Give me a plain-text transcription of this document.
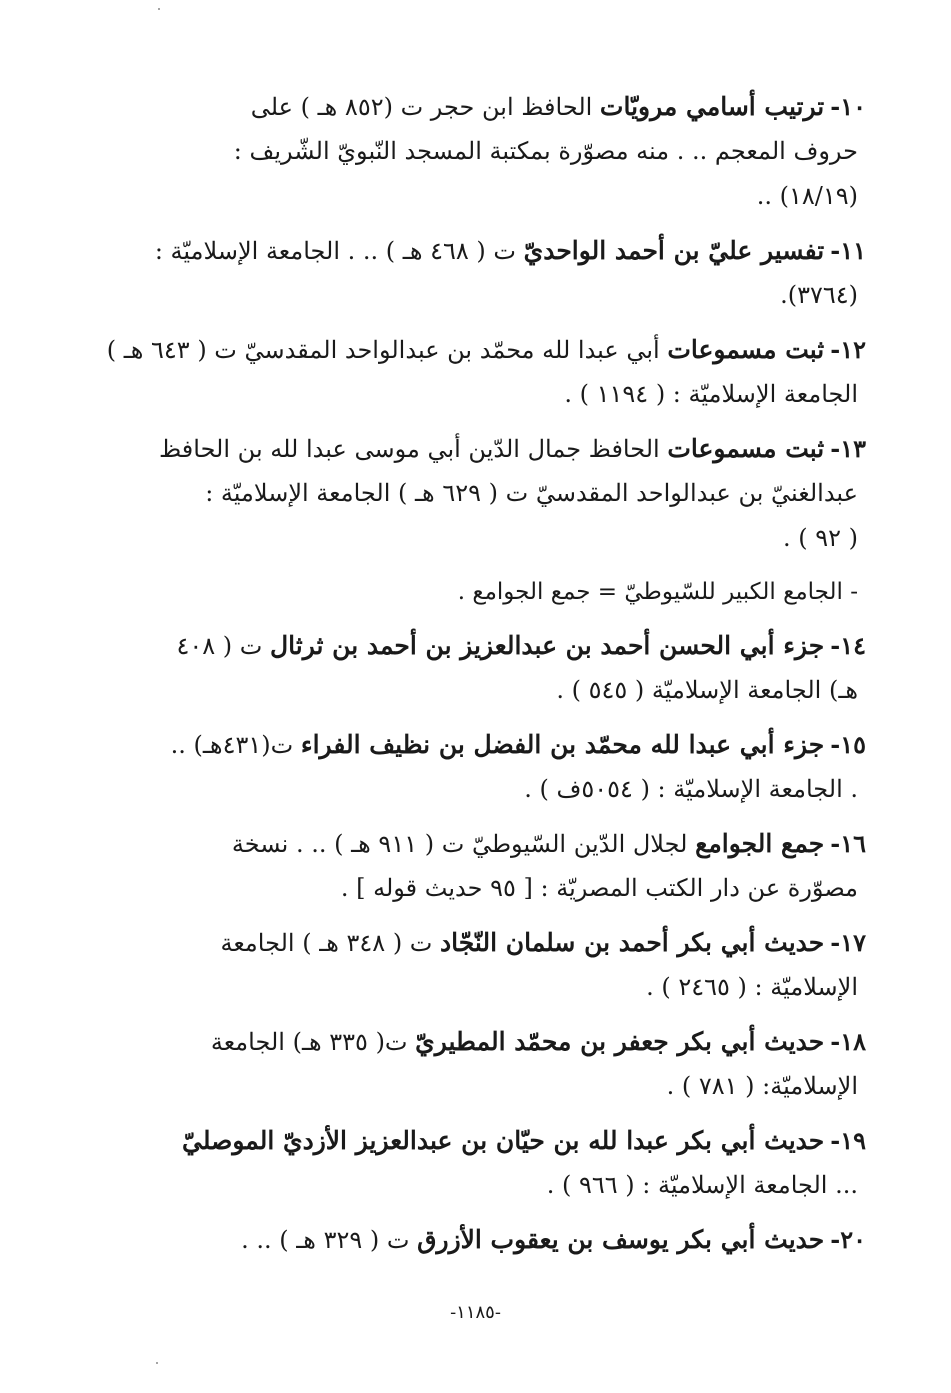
١٠-ترتيب أسامي مرويّات الحافظ ابن حجر ت (٨٥٢ هـ ) على
حروف المعجم .. . منه مصوّرة بمكتبة المسجد النّبويّ الشّريف :
(١٨/١٩) ..
١١-تفسير عليّ بن أحمد الواحديّ ت ( ٤٦٨ هـ ) .. . الجامعة الإسلاميّة :
(٣٧٦٤).
١٢-ثبت مسموعات أبي عبدا لله محمّد بن عبدالواحد المقدسيّ ت ( ٦٤٣ هـ )
الجامعة الإسلاميّة : ( ١١٩٤ ) .
١٣-ثبت مسموعات الحافظ جمال الدّين أبي موسى عبدا لله بن الحافظ
عبدالغنيّ بن عبدالواحد المقدسيّ ت ( ٦٢٩ هـ ) الجامعة الإسلاميّة :
( ٩٢ ) .
- الجامع الكبير للسّيوطيّ = جمع الجوامع .
١٤-جزء أبي الحسن أحمد بن عبدالعزيز بن أحمد بن ثرثال ت ( ٤٠٨
هـ) الجامعة الإسلاميّة ( ٥٤٥ ) .
١٥-جزء أبي عبدا لله محمّد بن الفضل بن نظيف الفراء ت(٤٣١هـ) ..
. الجامعة الإسلاميّة : ( ٥٠٥٤ف ) .
١٦-جمع الجوامع لجلال الدّين السّيوطيّ ت ( ٩١١ هـ ) .. . نسخة
مصوّرة عن دار الكتب المصريّة : [ ٩٥ حديث قوله ] .
١٧-حديث أبي بكر أحمد بن سلمان النّجّاد ت ( ٣٤٨ هـ ) الجامعة
الإسلاميّة : ( ٢٤٦٥ ) .
١٨-حديث أبي بكر جعفر بن محمّد المطيريّ ت( ٣٣٥ هـ) الجامعة
الإسلاميّة: ( ٧٨١ ) .
١٩-حديث أبي بكر عبدا لله بن حيّان بن عبدالعزيز الأزديّ الموصليّ
... الجامعة الإسلاميّة : ( ٩٦٦ ) .
٢٠-حديث أبي بكر يوسف بن يعقوب الأزرق ت ( ٣٢٩ هـ ) .. .
-١١٨٥-
